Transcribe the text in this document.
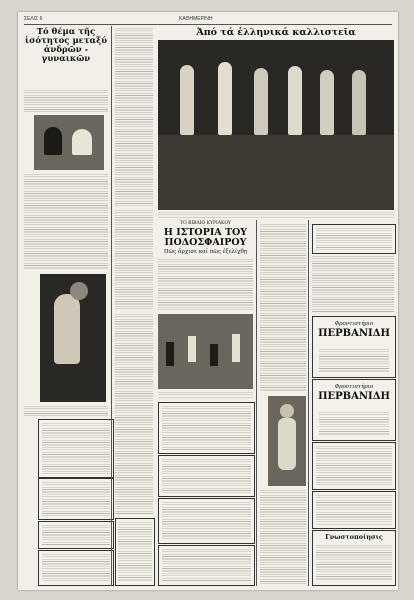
ΣΕΛΙΣ 6	ΚΑΘΗΜΕΡΙΝΗ
Τό θέμα τῆς ἰσότητος μεταξύ ἀνδρῶν - γυναικῶν
Ἀπό τά ἑλληνικά καλλιστεῖα
ΤΟ ΒΙΒΛΙΟ ΚΥΡΙΑΚΟΥ
Η ΙΣΤΟΡΙΑ ΤΟΥ ΠΟΔΟΣΦΑΙΡΟΥ
Πῶς ἄρχισε καί πῶς ἐξελίχθη
Φροντιστήριο
ΠΕΡΒΑΝΙΔΗ
Φροντιστήριο
ΠΕΡΒΑΝΙΔΗ
Γνωστοποίησις
